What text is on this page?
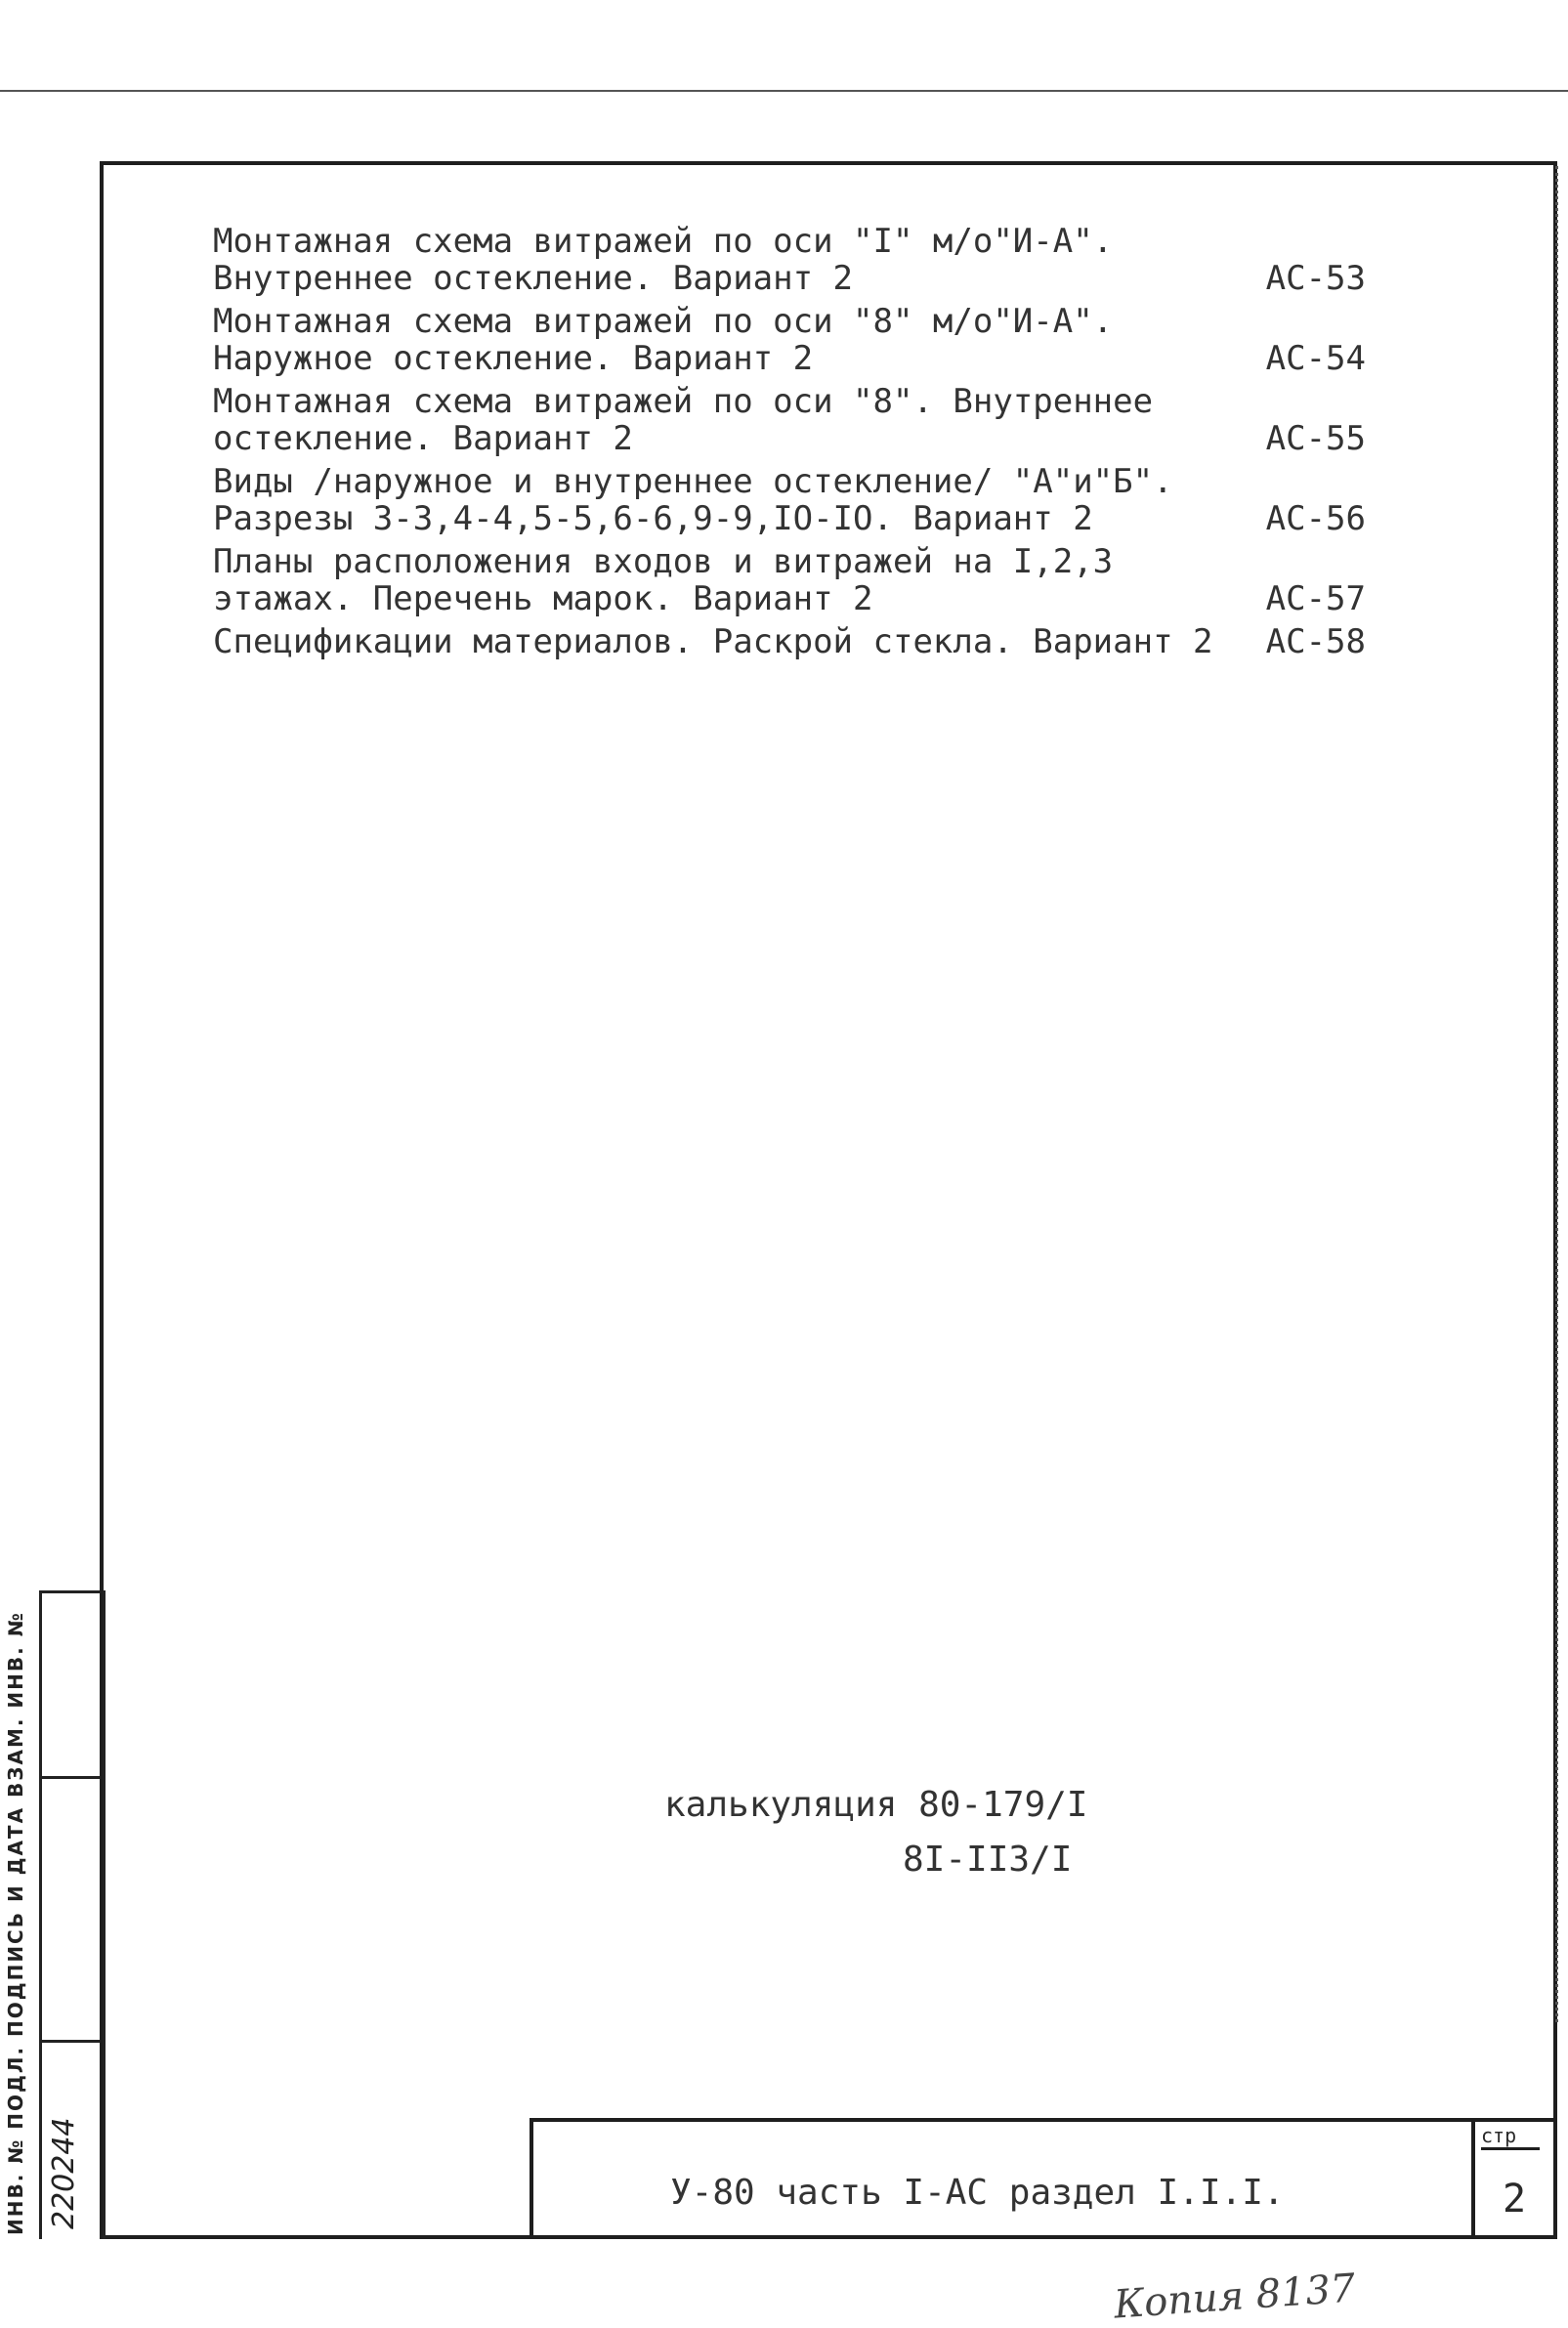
Монтажная схема витражей по оси "I" м/о"И-А". Внутреннее остекление. Вариант 2	АС-53
Монтажная схема витражей по оси "8" м/о"И-А". Наружное остекление. Вариант 2	АС-54
Монтажная схема витражей по оси "8". Внутреннее остекление. Вариант 2	АС-55
Виды /наружное и внутреннее остекление/ "А"и"Б". Разрезы 3-3,4-4,5-5,6-6,9-9,IO-IO. Вариант 2	АС-56
Планы расположения входов и витражей на I,2,3 этажах. Перечень марок. Вариант 2	АС-57
Спецификации материалов. Раскрой стекла. Вариант 2	АС-58
калькуляция 80-179/I
8I-II3/I
ИНВ. № ПОДЛ. ПОДПИСЬ И ДАТА ВЗАМ. ИНВ. № 220244	У-80 часть I-АС раздел I.I.I.
стр
2
Копия 8137
